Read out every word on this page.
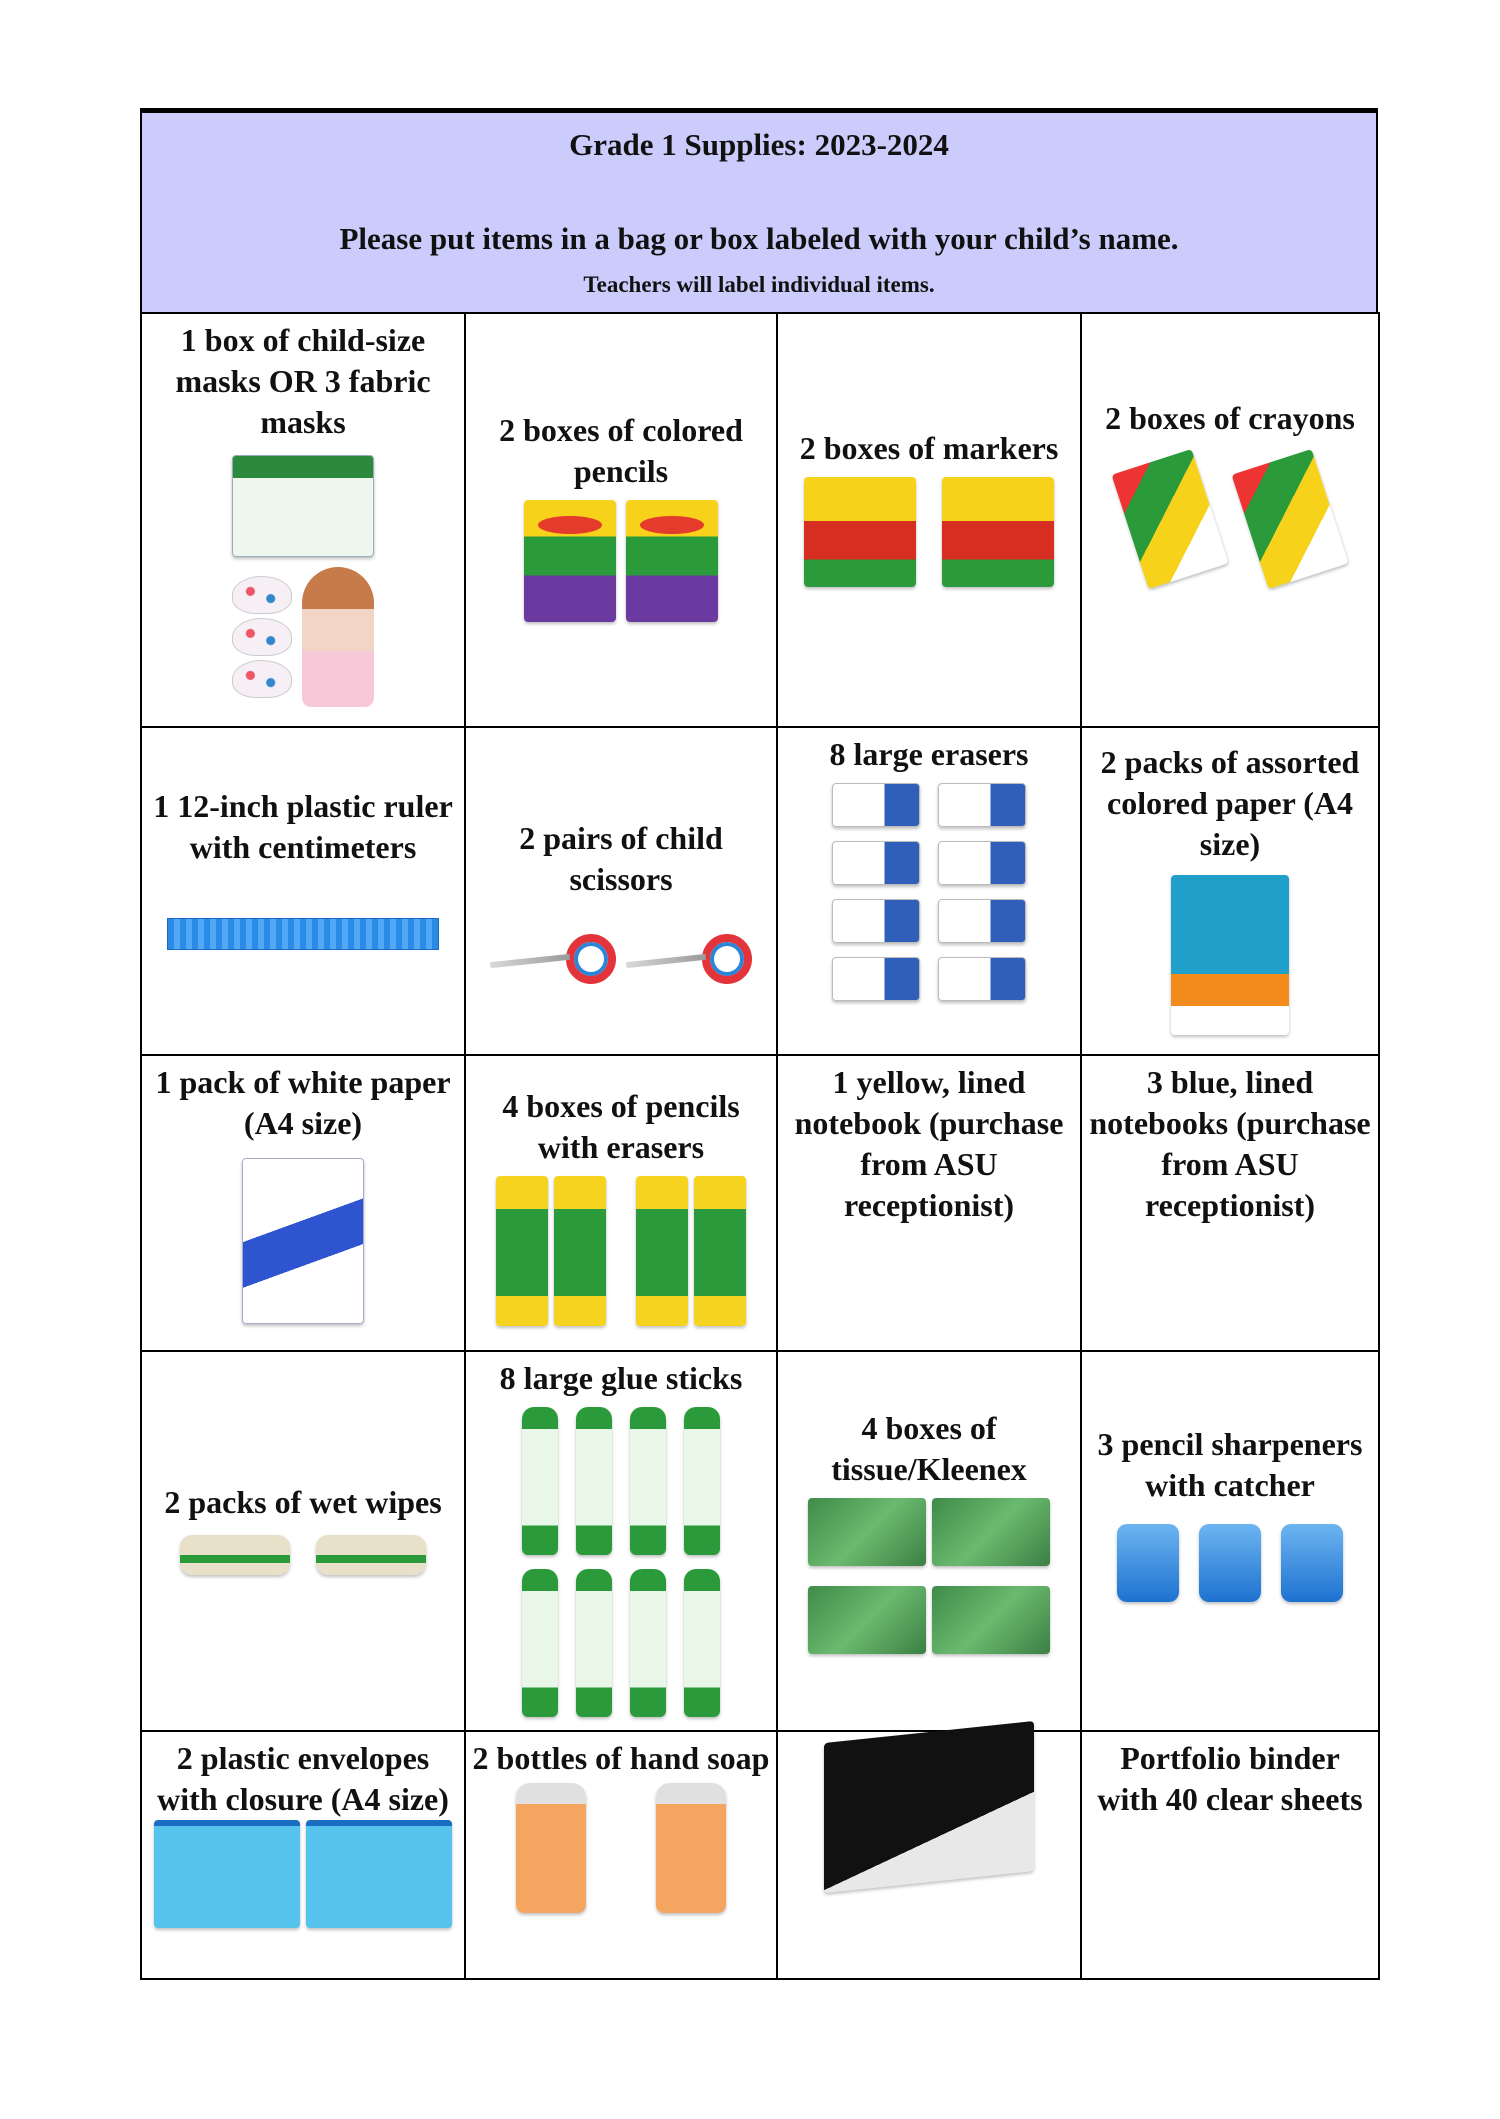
Grade 1 Supplies: 2023-2024
Please put items in a bag or box labeled with your child’s name.
Teachers will label individual items.
1 box of child-size masks OR 3 fabric masks	2 boxes of colored pencils	2 boxes of markers	2 boxes of crayons

1 12-inch plastic ruler with centimeters	2 pairs of child scissors	8 large erasers	2 packs of assorted colored paper (A4 size)

1 pack of white paper (A4 size)	4 boxes of pencils with erasers	1 yellow, lined notebook (purchase from ASU receptionist)	3 blue, lined notebooks (purchase from ASU receptionist)

2 packs of wet wipes	8 large glue sticks	4 boxes of tissue/Kleenex	3 pencil sharpeners with catcher

2 plastic envelopes with closure (A4 size)	2 bottles of hand soap		Portfolio binder with 40 clear sheets
